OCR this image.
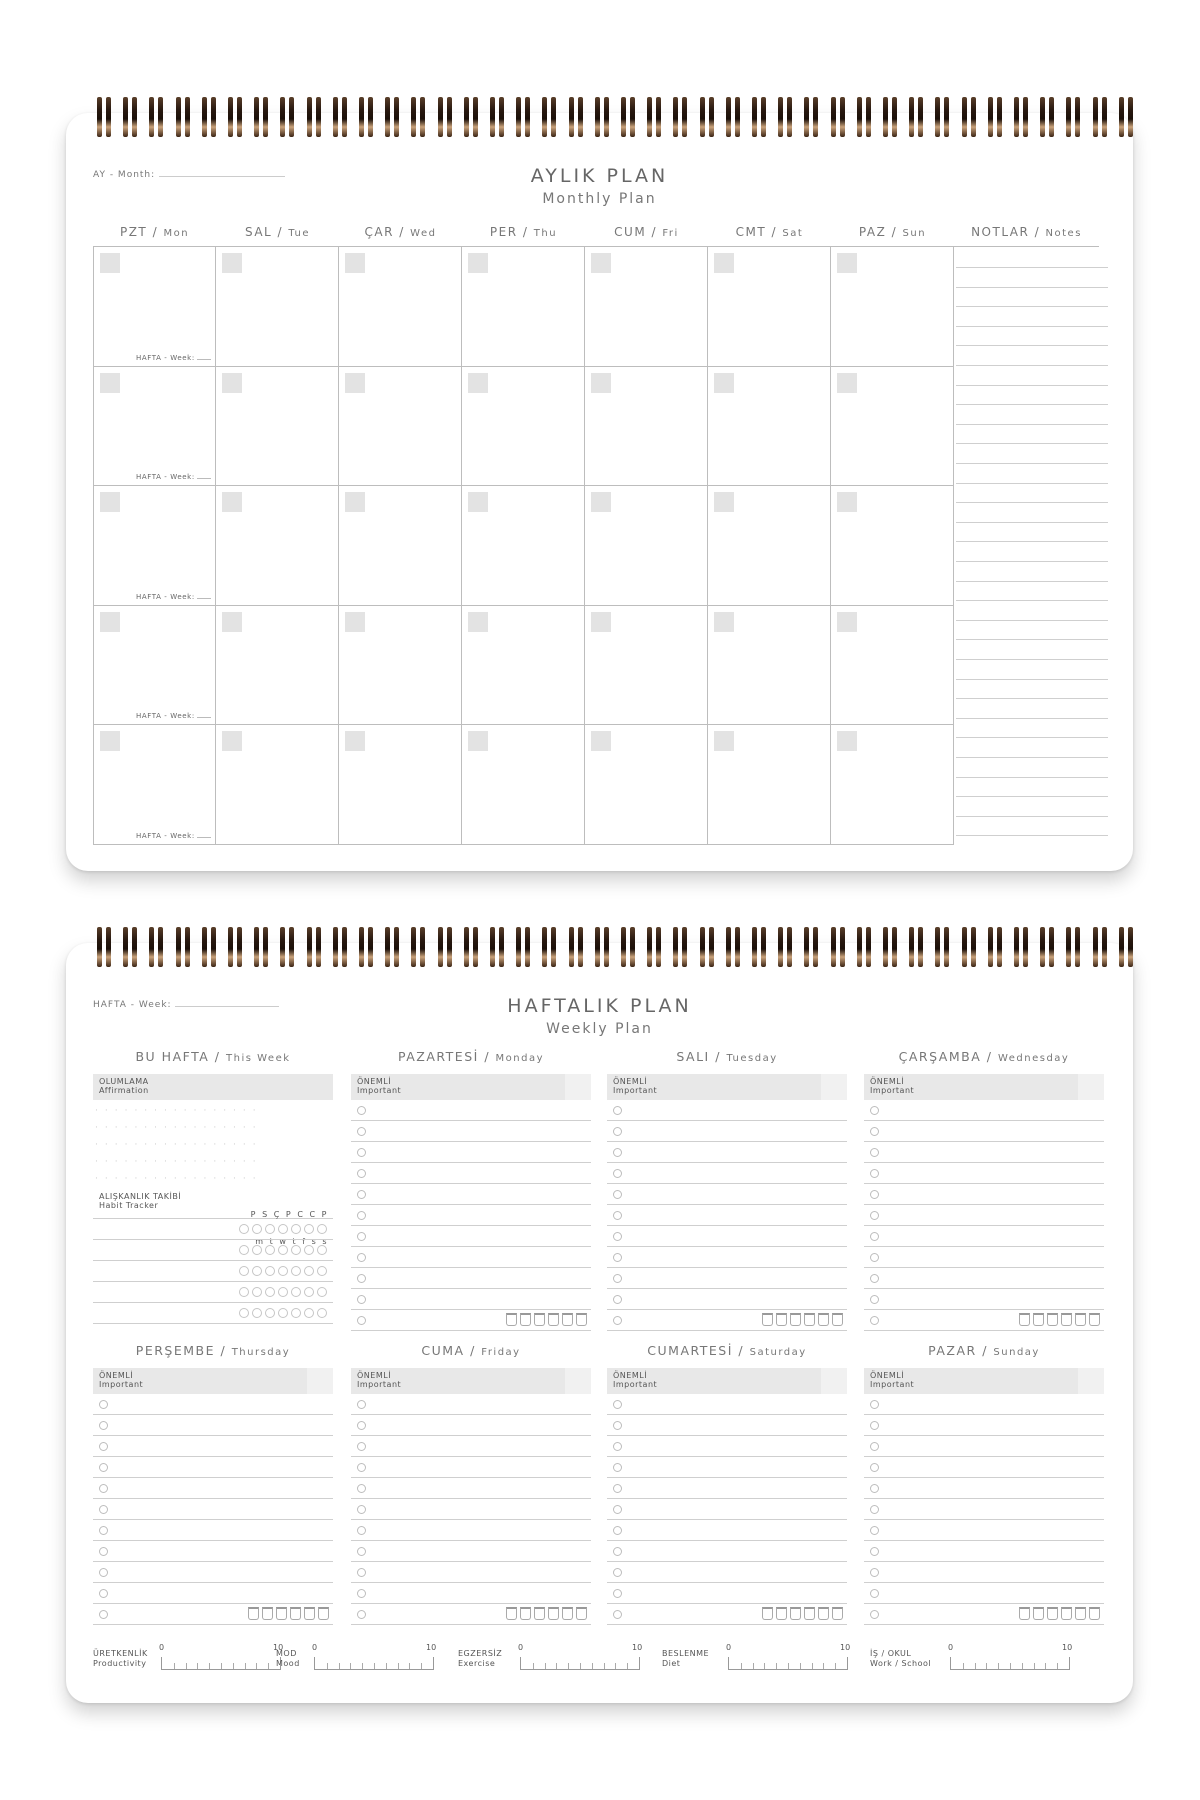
AY - Month:	AYLIK PLAN
Monthly Plan
PZT / Mon	SAL / Tue	ÇAR / Wed	PER / Thu	CUM / Fri	CMT / Sat	PAZ / Sun	NOTLAR / Notes
HAFTA - Week:
HAFTA - Week:
HAFTA - Week:
HAFTA - Week:
HAFTA - Week:
HAFTA - Week:	HAFTALIK PLAN
Weekly Plan
BU HAFTA / This Week
OLUMLAMA
Affirmation
·················
·················
·················
·················
·················
ALIŞKANLIK TAKİBİ
Habit Tracker

P  S  Ç  P  C  C  P

m  t  w  t  f  s  s

PAZARTESİ / Monday
ÖNEMLİ
Important
SALI / Tuesday
ÖNEMLİ
Important
ÇARŞAMBA / Wednesday
ÖNEMLİ
Important
PERŞEMBE / Thursday
ÖNEMLİ
Important
CUMA / Friday
ÖNEMLİ
Important
CUMARTESİ / Saturday
ÖNEMLİ
Important
PAZAR / Sunday
ÖNEMLİ
Important
ÜRETKENLİK
Productivity
0	10
MOD
Mood
0	10
EGZERSİZ
Exercise
0	10
BESLENME
Diet
0	10
İŞ / OKUL
Work / School
0	10
